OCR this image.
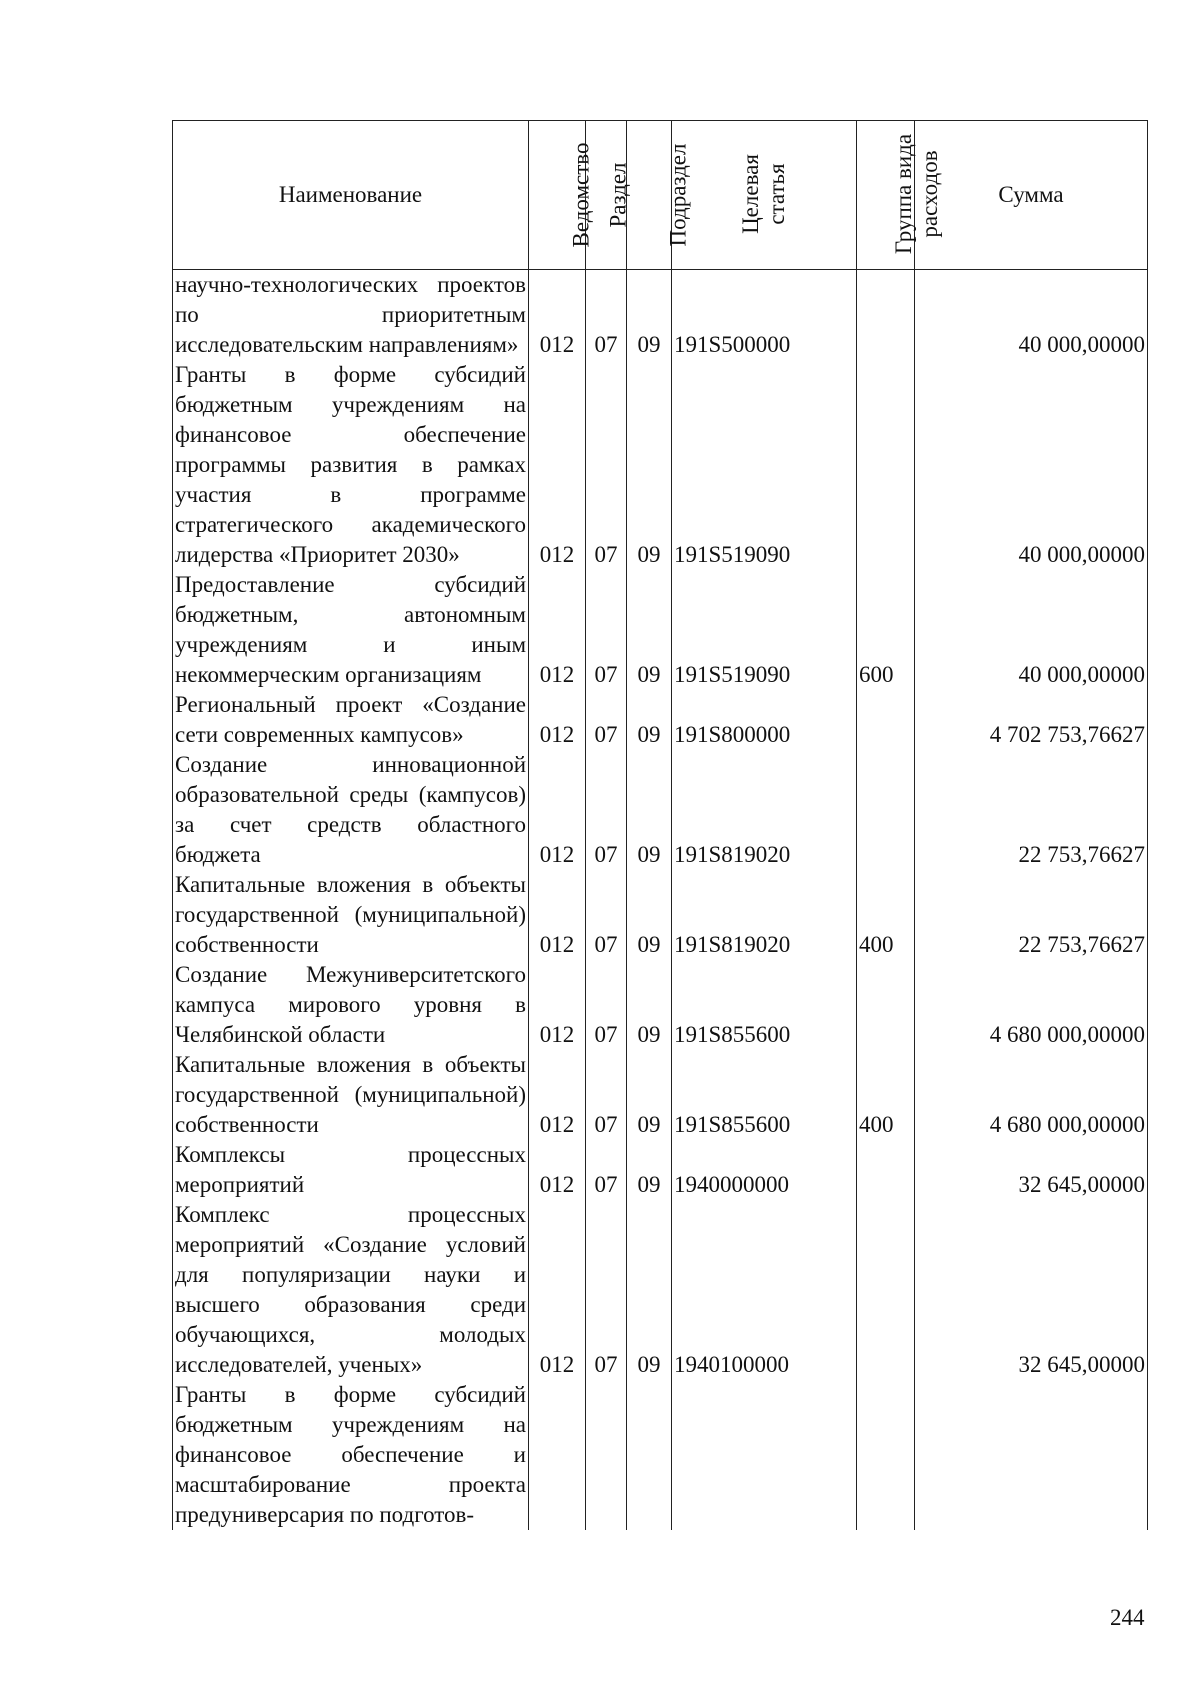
Наименование	Ведомство	Раздел	Подраздел	Целевая статья	Группа вида расходов	Сумма

научно-технологических проектов по приоритетным исследовательским направлениям»	012	07	09	191S500000		40 000,00000
Гранты в форме субсидий бюджетным учреждениям на финансовое обеспечение программы развития в рамках участия в программе стратегического академического лидерства «Приоритет 2030»	012	07	09	191S519090		40 000,00000
Предоставление субсидий бюджетным, автономным учреждениям и иным некоммерческим организациям	012	07	09	191S519090	600	40 000,00000
Региональный проект «Создание сети современных кампусов»	012	07	09	191S800000		4 702 753,76627
Создание инновационной образовательной среды (кампусов) за счет средств областного бюджета	012	07	09	191S819020		22 753,76627
Капитальные вложения в объекты государственной (муниципальной) собственности	012	07	09	191S819020	400	22 753,76627
Создание Межуниверситетского кампуса мирового уровня в Челябинской области	012	07	09	191S855600		4 680 000,00000
Капитальные вложения в объекты государственной (муниципальной) собственности	012	07	09	191S855600	400	4 680 000,00000
Комплексы процессных мероприятий	012	07	09	1940000000		32 645,00000
Комплекс процессных мероприятий «Создание условий для популяризации науки и высшего образования среди обучающихся, молодых исследователей, ученых»	012	07	09	1940100000		32 645,00000
Гранты в форме субсидий бюджетным учреждениям на финансовое обеспечение и масштабирование проекта предуниверсария по подготов-						
244
